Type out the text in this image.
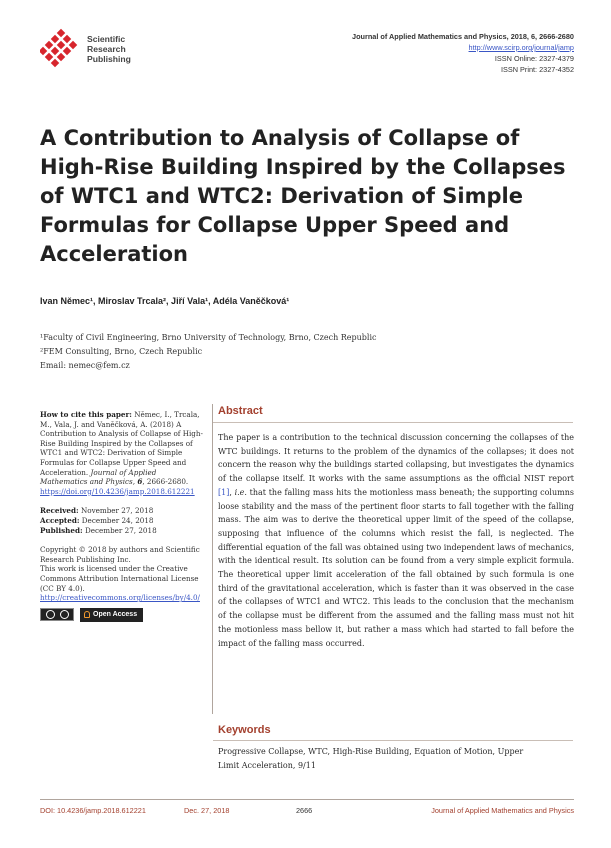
Scientific
Research
Publishing
Journal of Applied Mathematics and Physics, 2018, 6, 2666-2680
http://www.scirp.org/journal/jamp
ISSN Online: 2327-4379
ISSN Print: 2327-4352
A Contribution to Analysis of Collapse of High-Rise Building Inspired by the Collapses of WTC1 and WTC2: Derivation of Simple Formulas for Collapse Upper Speed and Acceleration
Ivan Němec¹, Miroslav Trcala², Jiří Vala¹, Adéla Vaněčková¹
¹Faculty of Civil Engineering, Brno University of Technology, Brno, Czech Republic
²FEM Consulting, Brno, Czech Republic
Email: nemec@fem.cz
How to cite this paper: Němec, I., Trcala, M., Vala, J. and Vaněčková, A. (2018) A Contribution to Analysis of Collapse of High-Rise Building Inspired by the Collapses of WTC1 and WTC2: Derivation of Simple Formulas for Collapse Upper Speed and Acceleration. Journal of Applied Mathematics and Physics, 6, 2666-2680.
https://doi.org/10.4236/jamp.2018.612221
Received: November 27, 2018
Accepted: December 24, 2018
Published: December 27, 2018
Copyright © 2018 by authors and Scientific Research Publishing Inc.
This work is licensed under the Creative Commons Attribution International License (CC BY 4.0).
http://creativecommons.org/licenses/by/4.0/
Open Access
Abstract

The paper is a contribution to the technical discussion concerning the collapses of the WTC buildings. It returns to the problem of the dynamics of the collapses; it does not concern the reason why the buildings started collapsing, but investigates the dynamics of the collapse itself. It works with the same assumptions as the official NIST report [1], i.e. that the falling mass hits the motionless mass beneath; the supporting columns loose stability and the mass of the pertinent floor starts to fall together with the falling mass. The aim was to derive the theoretical upper limit of the speed of the collapse, supposing that influence of the columns which resist the fall, is neglected. The differential equation of the fall was obtained using two independent laws of mechanics, with the identical result. Its solution can be found from a very simple explicit formula. The theoretical upper limit acceleration of the fall obtained by such formula is one third of the gravitational acceleration, which is faster than it was observed in the case of the collapses of WTC1 and WTC2. This leads to the conclusion that the mechanism of the collapse must be different from the assumed and the falling mass must not hit the motionless mass bellow it, but rather a mass which had started to fall before the impact of the falling mass occurred.

Keywords

Progressive Collapse, WTC, High-Rise Building, Equation of Motion, Upper Limit Acceleration, 9/11

DOI: 10.4236/jamp.2018.612221	Dec. 27, 2018	2666	Journal of Applied Mathematics and Physics
